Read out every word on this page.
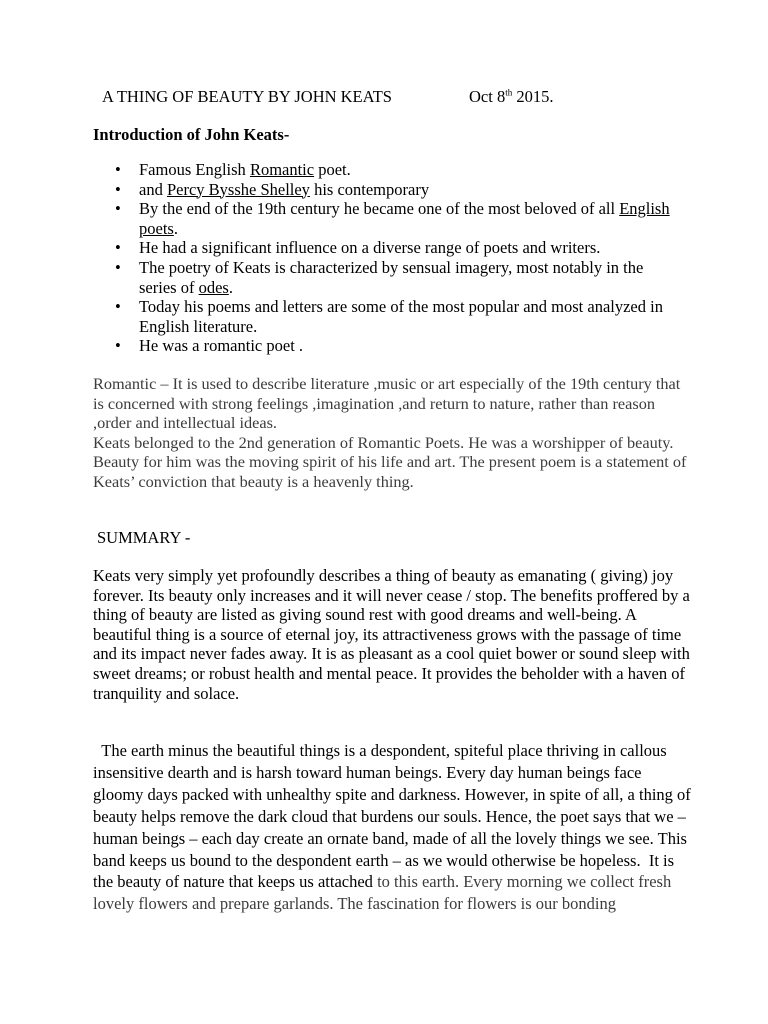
A THING OF BEAUTY BY JOHN KEATS	Oct 8th 2015.
Introduction of John Keats-
• Famous English Romantic poet.
• and Percy Bysshe Shelley his contemporary
• By the end of the 19th century he became one of the most beloved of all English poets.
• He had a significant influence on a diverse range of poets and writers.
• The poetry of Keats is characterized by sensual imagery, most notably in the series of odes.
• Today his poems and letters are some of the most popular and most analyzed in English literature.
• He was a romantic poet .

Romantic – It is used to describe literature ,music or art especially of the 19th century that is concerned with strong feelings ,imagination ,and return to nature, rather than reason ,order and intellectual ideas.

Keats belonged to the 2nd generation of Romantic Poets. He was a worshipper of beauty. Beauty for him was the moving spirit of his life and art. The present poem is a statement of Keats’ conviction that beauty is a heavenly thing.

SUMMARY -

Keats very simply yet profoundly describes a thing of beauty as emanating ( giving) joy forever. Its beauty only increases and it will never cease / stop. The benefits proffered by a thing of beauty are listed as giving sound rest with good dreams and well-being. A beautiful thing is a source of eternal joy, its attractiveness grows with the passage of time and its impact never fades away. It is as pleasant as a cool quiet bower or sound sleep with sweet dreams; or robust health and mental peace. It provides the beholder with a haven of tranquility and solace.

The earth minus the beautiful things is a despondent, spiteful place thriving in callous insensitive dearth and is harsh toward human beings. Every day human beings face gloomy days packed with unhealthy spite and darkness. However, in spite of all, a thing of beauty helps remove the dark cloud that burdens our souls. Hence, the poet says that we – human beings – each day create an ornate band, made of all the lovely things we see. This band keeps us bound to the despondent earth – as we would otherwise be hopeless.  It is the beauty of nature that keeps us attached to this earth. Every morning we collect fresh lovely flowers and prepare garlands. The fascination for flowers is our bonding
